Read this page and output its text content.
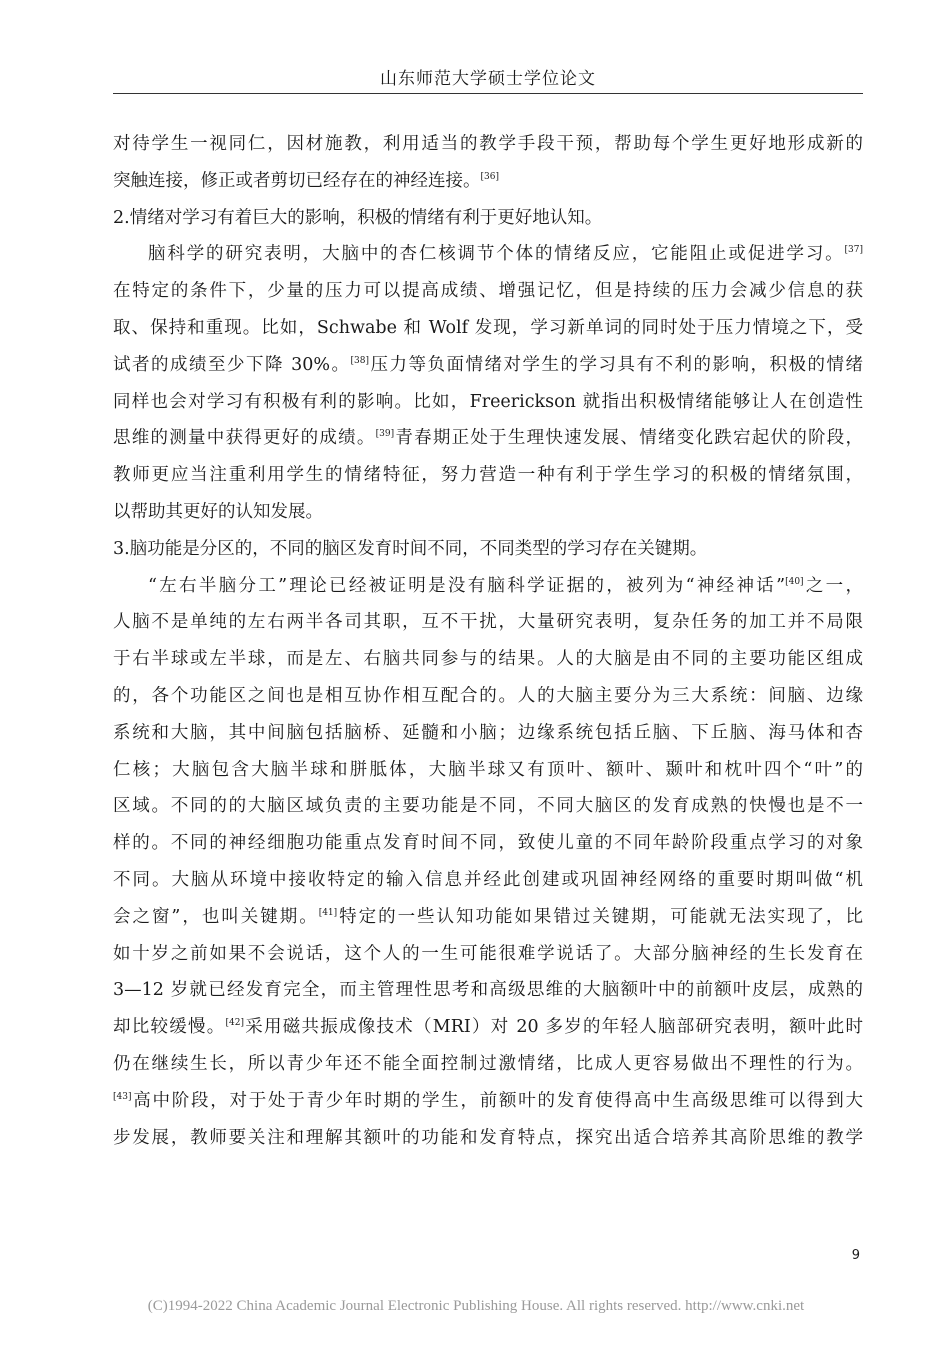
山东师范大学硕士学位论文
对待学生一视同仁，因材施教，利用适当的教学手段干预，帮助每个学生更好地形成新的
突触连接，修正或者剪切已经存在的神经连接。[36]
2.情绪对学习有着巨大的影响，积极的情绪有利于更好地认知。
脑科学的研究表明，大脑中的杏仁核调节个体的情绪反应，它能阻止或促进学习。[37]
在特定的条件下，少量的压力可以提高成绩、增强记忆，但是持续的压力会减少信息的获
取、保持和重现。比如，Schwabe 和 Wolf 发现，学习新单词的同时处于压力情境之下，受
试者的成绩至少下降 30%。[38]压力等负面情绪对学生的学习具有不利的影响，积极的情绪
同样也会对学习有积极有利的影响。比如，Freerickson 就指出积极情绪能够让人在创造性
思维的测量中获得更好的成绩。[39]青春期正处于生理快速发展、情绪变化跌宕起伏的阶段，
教师更应当注重利用学生的情绪特征，努力营造一种有利于学生学习的积极的情绪氛围，
以帮助其更好的认知发展。
3.脑功能是分区的，不同的脑区发育时间不同，不同类型的学习存在关键期。
“左右半脑分工”理论已经被证明是没有脑科学证据的，被列为“神经神话”[40]之一，
人脑不是单纯的左右两半各司其职，互不干扰，大量研究表明，复杂任务的加工并不局限
于右半球或左半球，而是左、右脑共同参与的结果。人的大脑是由不同的主要功能区组成
的，各个功能区之间也是相互协作相互配合的。人的大脑主要分为三大系统：间脑、边缘
系统和大脑，其中间脑包括脑桥、延髓和小脑；边缘系统包括丘脑、下丘脑、海马体和杏
仁核；大脑包含大脑半球和胼胝体，大脑半球又有顶叶、额叶、颞叶和枕叶四个“叶”的
区域。不同的的大脑区域负责的主要功能是不同，不同大脑区的发育成熟的快慢也是不一
样的。不同的神经细胞功能重点发育时间不同，致使儿童的不同年龄阶段重点学习的对象
不同。大脑从环境中接收特定的输入信息并经此创建或巩固神经网络的重要时期叫做“机
会之窗”，也叫关键期。[41]特定的一些认知功能如果错过关键期，可能就无法实现了，比
如十岁之前如果不会说话，这个人的一生可能很难学说话了。大部分脑神经的生长发育在
3—12 岁就已经发育完全，而主管理性思考和高级思维的大脑额叶中的前额叶皮层，成熟的
却比较缓慢。[42]采用磁共振成像技术（MRI）对 20 多岁的年轻人脑部研究表明，额叶此时
仍在继续生长，所以青少年还不能全面控制过激情绪，比成人更容易做出不理性的行为。
[43]高中阶段，对于处于青少年时期的学生，前额叶的发育使得高中生高级思维可以得到大
步发展，教师要关注和理解其额叶的功能和发育特点，探究出适合培养其高阶思维的教学
9
(C)1994-2022 China Academic Journal Electronic Publishing House. All rights reserved. http://www.cnki.net
